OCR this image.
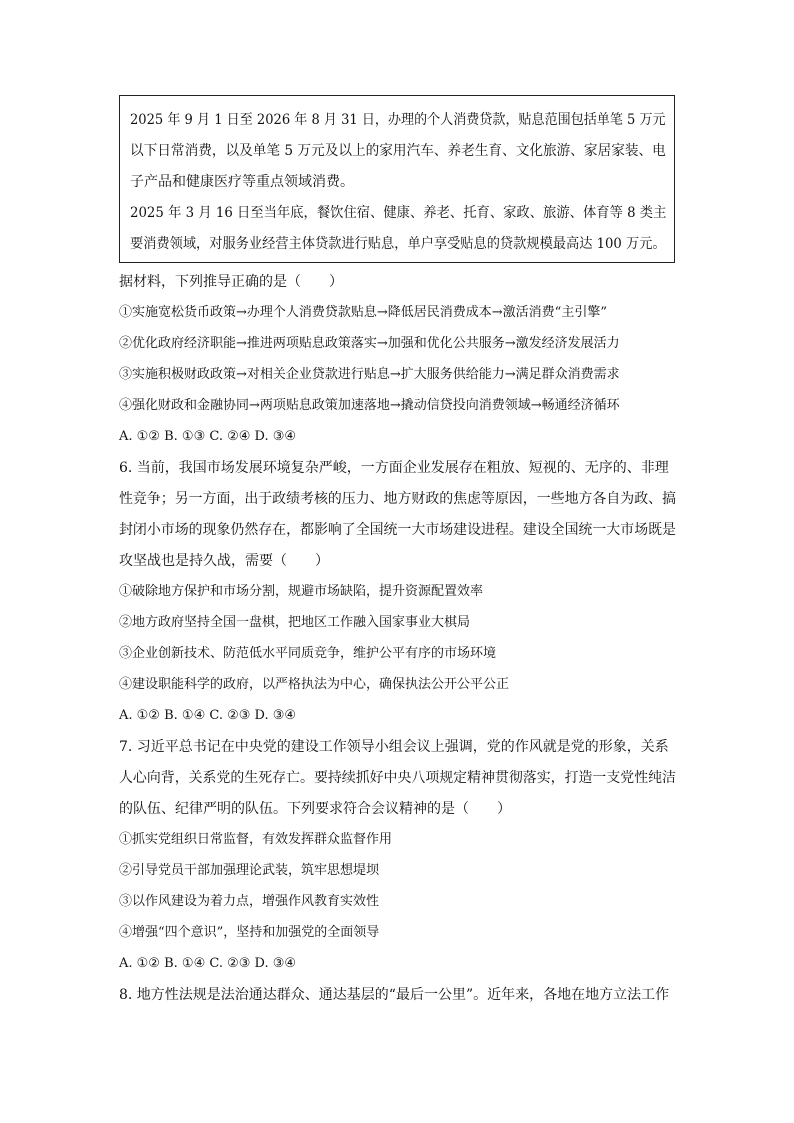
2025 年 9 月 1 日至 2026 年 8 月 31 日，办理的个人消费贷款，贴息范围包括单笔 5 万元
以下日常消费，以及单笔 5 万元及以上的家用汽车、养老生育、文化旅游、家居家装、电
子产品和健康医疗等重点领域消费。
2025 年 3 月 16 日至当年底，餐饮住宿、健康、养老、托育、家政、旅游、体育等 8 类主
要消费领域，对服务业经营主体贷款进行贴息，单户享受贴息的贷款规模最高达 100 万元。
据材料，下列推导正确的是（　　）
①实施宽松货币政策→办理个人消费贷款贴息→降低居民消费成本→激活消费“主引擎”
②优化政府经济职能→推进两项贴息政策落实→加强和优化公共服务→激发经济发展活力
③实施积极财政政策→对相关企业贷款进行贴息→扩大服务供给能力→满足群众消费需求
④强化财政和金融协同→两项贴息政策加速落地→撬动信贷投向消费领域→畅通经济循环
A. ①② B. ①③ C. ②④ D. ③④
6. 当前，我国市场发展环境复杂严峻，一方面企业发展存在粗放、短视的、无序的、非理
性竞争；另一方面，出于政绩考核的压力、地方财政的焦虑等原因，一些地方各自为政、搞
封闭小市场的现象仍然存在，都影响了全国统一大市场建设进程。建设全国统一大市场既是
攻坚战也是持久战，需要（　　）
①破除地方保护和市场分割，规避市场缺陷，提升资源配置效率
②地方政府坚持全国一盘棋，把地区工作融入国家事业大棋局
③企业创新技术、防范低水平同质竞争，维护公平有序的市场环境
④建设职能科学的政府，以严格执法为中心，确保执法公开公平公正
A. ①② B. ①④ C. ②③ D. ③④
7. 习近平总书记在中央党的建设工作领导小组会议上强调，党的作风就是党的形象，关系
人心向背，关系党的生死存亡。要持续抓好中央八项规定精神贯彻落实，打造一支党性纯洁
的队伍、纪律严明的队伍。下列要求符合会议精神的是（　　）
①抓实党组织日常监督，有效发挥群众监督作用
②引导党员干部加强理论武装，筑牢思想堤坝
③以作风建设为着力点，增强作风教育实效性
④增强“四个意识”，坚持和加强党的全面领导
A. ①② B. ①④ C. ②③ D. ③④
8. 地方性法规是法治通达群众、通达基层的“最后一公里”。近年来，各地在地方立法工作
